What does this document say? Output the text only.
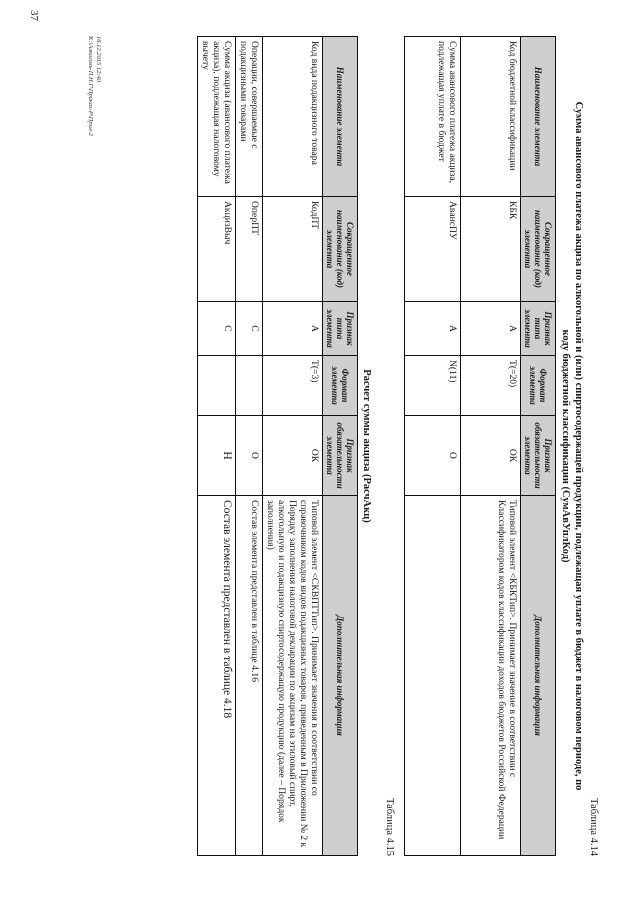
37

Таблица 4.14

Сумма авансового платежа акциза по алкогольной и (или) спиртосодержащей продукции, подлежащая уплате в бюджет в налоговом периоде, по коду бюджетной классификации (СумАвУплКод)
Наименование элемента	Сокращенное наименование (код) элемента	Признак типа элемента	Формат элемента	Признак обязательности элемента	Дополнительная информация
Код бюджетной классификации	КБК	А	T(=20)	ОК	Типовой элемент <КБКТип>. Принимает значение в соответствии с Классификатором кодов классификации доходов бюджетов Российской Федерации
Сумма авансового платежа акциза, подлежащая уплате в бюджет	АвансПУ	А	N(11)	О	

Таблица 4.15

Расчет суммы акциза (РасчАкц)
Наименование элемента	Сокращенное наименование (код) элемента	Признак типа элемента	Формат элемента	Признак обязательности элемента	Дополнительная информация
Код вида подакцизного товара	КодПТ	А	T(=3)	ОК	Типовой элемент <СКВПТТип>. Принимает значения в соответствии со справочником кодов видов подакцизных товаров, приведенным в Приложении № 2 к Порядку заполнения налоговой декларации по акцизам на этиловый спирт, алкогольную и подакцизную спиртосодержащую продукцию (далее – Порядок заполнения)
Операции, совершаемые с подакцизными товарами	ОперПТ	С		О	Состав элемента представлен в таблице 4.16
Сумма акциза (авансового платежа акциза), подлежащая налоговому вычету	АкцизВыч	С		Н	Состав элемента представлен в таблице 4.18
16.12.2015 12:40
К:\Алкоголь-П.Н.Г\Приказ-Р\Прил-2
